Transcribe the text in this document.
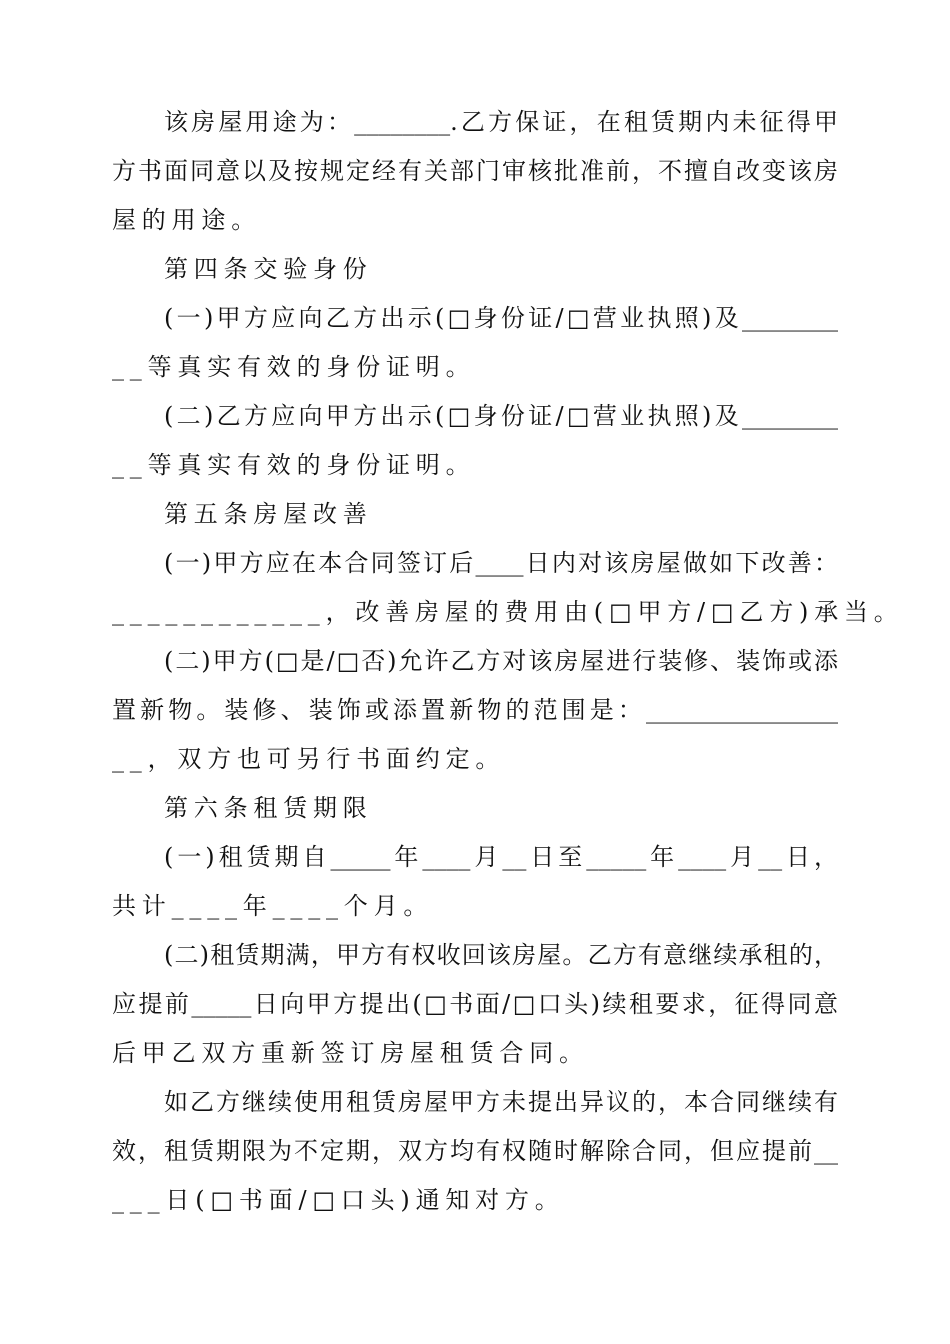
该房屋用途为：________.乙方保证，在租赁期内未征得甲
方书面同意以及按规定经有关部门审核批准前，不擅自改变该房
屋的用途。
第四条交验身份
(一)甲方应向乙方出示(□身份证/□营业执照)及________
__等真实有效的身份证明。
(二)乙方应向甲方出示(□身份证/□营业执照)及________
__等真实有效的身份证明。
第五条房屋改善
(一)甲方应在本合同签订后____日内对该房屋做如下改善：
____________，改善房屋的费用由(□甲方/□乙方)承当。
(二)甲方(□是/□否)允许乙方对该房屋进行装修、装饰或添
置新物。装修、装饰或添置新物的范围是：________________
__，双方也可另行书面约定。
第六条租赁期限
(一)租赁期自_____年____月__日至_____年____月__日，
共计____年____个月。
(二)租赁期满，甲方有权收回该房屋。乙方有意继续承租的，
应提前_____日向甲方提出(□书面/□口头)续租要求，征得同意
后甲乙双方重新签订房屋租赁合同。
如乙方继续使用租赁房屋甲方未提出异议的，本合同继续有
效，租赁期限为不定期，双方均有权随时解除合同，但应提前__
___日(□书面/□口头)通知对方。
